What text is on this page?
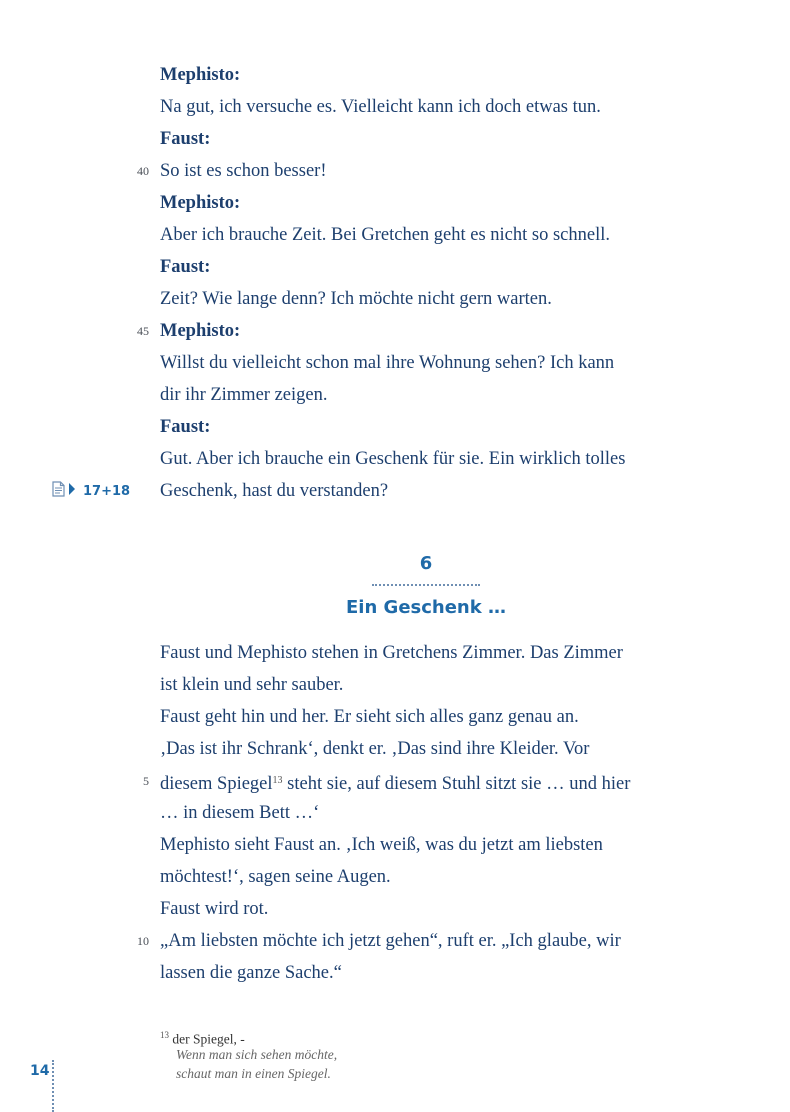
Mephisto:
Na gut, ich versuche es. Vielleicht kann ich doch etwas tun.
Faust:
40 So ist es schon besser!
Mephisto:
Aber ich brauche Zeit. Bei Gretchen geht es nicht so schnell.
Faust:
Zeit? Wie lange denn? Ich möchte nicht gern warten.
45 Mephisto:
Willst du vielleicht schon mal ihre Wohnung sehen? Ich kann
dir ihr Zimmer zeigen.
Faust:
Gut. Aber ich brauche ein Geschenk für sie. Ein wirklich tolles
Geschenk, hast du verstanden?
17+18
6
Ein Geschenk …
Faust und Mephisto stehen in Gretchens Zimmer. Das Zimmer
ist klein und sehr sauber.
Faust geht hin und her. Er sieht sich alles ganz genau an.
‚Das ist ihr Schrank‘, denkt er. ‚Das sind ihre Kleider. Vor
5 diesem Spiegel$^{13}$ steht sie, auf diesem Stuhl sitzt sie … und hier
… in diesem Bett …‘
Mephisto sieht Faust an. ‚Ich weiß, was du jetzt am liebsten
möchtest!‘, sagen seine Augen.
Faust wird rot.
10 „Am liebsten möchte ich jetzt gehen“, ruft er. „Ich glaube, wir
lassen die ganze Sache.“
$^{13}$ der Spiegel, -
Wenn man sich sehen möchte,
schaut man in einen Spiegel.
14
